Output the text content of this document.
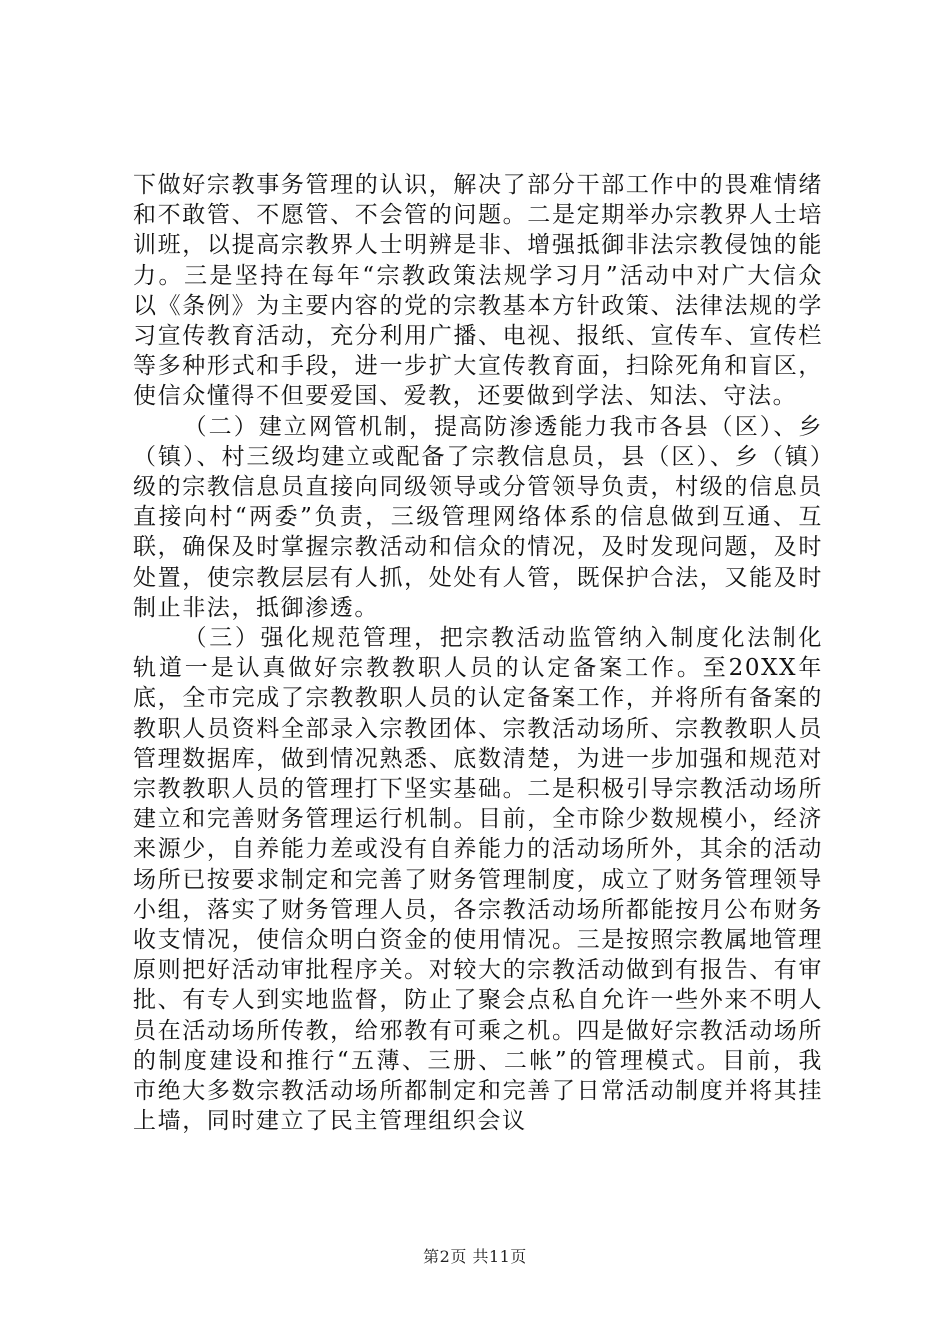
下做好宗教事务管理的认识，解决了部分干部工作中的畏难情绪和不敢管、不愿管、不会管的问题。二是定期举办宗教界人士培训班，以提高宗教界人士明辨是非、增强抵御非法宗教侵蚀的能力。三是坚持在每年“宗教政策法规学习月”活动中对广大信众以《条例》为主要内容的党的宗教基本方针政策、法律法规的学习宣传教育活动，充分利用广播、电视、报纸、宣传车、宣传栏等多种形式和手段，进一步扩大宣传教育面，扫除死角和盲区，使信众懂得不但要爱国、爱教，还要做到学法、知法、守法。

（二）建立网管机制，提高防渗透能力我市各县（区）、乡（镇）、村三级均建立或配备了宗教信息员，县（区）、乡（镇）级的宗教信息员直接向同级领导或分管领导负责，村级的信息员直接向村“两委”负责，三级管理网络体系的信息做到互通、互联，确保及时掌握宗教活动和信众的情况，及时发现问题，及时处置，使宗教层层有人抓，处处有人管，既保护合法，又能及时制止非法，抵御渗透。

（三）强化规范管理，把宗教活动监管纳入制度化法制化轨道一是认真做好宗教教职人员的认定备案工作。至20XX年底，全市完成了宗教教职人员的认定备案工作，并将所有备案的教职人员资料全部录入宗教团体、宗教活动场所、宗教教职人员管理数据库，做到情况熟悉、底数清楚，为进一步加强和规范对宗教教职人员的管理打下坚实基础。二是积极引导宗教活动场所建立和完善财务管理运行机制。目前，全市除少数规模小，经济来源少，自养能力差或没有自养能力的活动场所外，其余的活动场所已按要求制定和完善了财务管理制度，成立了财务管理领导小组，落实了财务管理人员，各宗教活动场所都能按月公布财务收支情况，使信众明白资金的使用情况。三是按照宗教属地管理原则把好活动审批程序关。对较大的宗教活动做到有报告、有审批、有专人到实地监督，防止了聚会点私自允许一些外来不明人员在活动场所传教，给邪教有可乘之机。四是做好宗教活动场所的制度建设和推行“五薄、三册、二帐”的管理模式。目前，我市绝大多数宗教活动场所都制定和完善了日常活动制度并将其挂上墙，同时建立了民主管理组织会议

第2页 共11页
